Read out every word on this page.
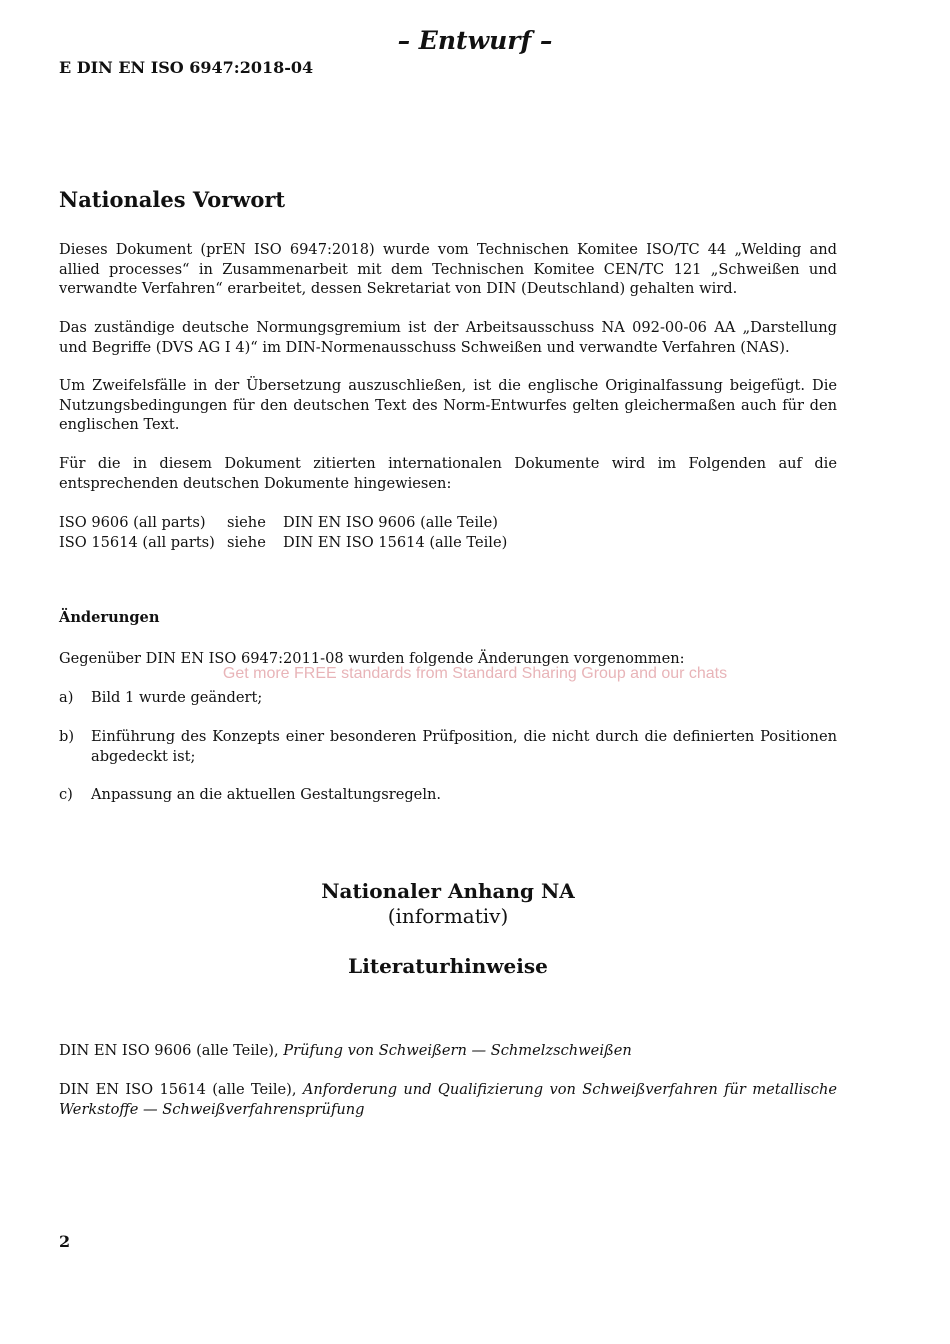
– Entwurf –
E DIN EN ISO 6947:2018-04
Nationales Vorwort

Dieses Dokument (prEN ISO 6947:2018) wurde vom Technischen Komitee ISO/TC 44 „Welding and allied processes“ in Zusammenarbeit mit dem Technischen Komitee CEN/TC 121 „Schweißen und verwandte Verfahren“ erarbeitet, dessen Sekretariat von DIN (Deutschland) gehalten wird.

Das zuständige deutsche Normungsgremium ist der Arbeitsausschuss NA 092-00-06 AA „Darstellung und Begriffe (DVS AG I 4)“ im DIN-Normenausschuss Schweißen und verwandte Verfahren (NAS).

Um Zweifelsfälle in der Übersetzung auszuschließen, ist die englische Originalfassung beigefügt. Die Nutzungsbedingungen für den deutschen Text des Norm-Entwurfes gelten gleichermaßen auch für den englischen Text.

Für die in diesem Dokument zitierten internationalen Dokumente wird im Folgenden auf die entsprechenden deutschen Dokumente hingewiesen:

ISO 9606 (all parts) siehe DIN EN ISO 9606 (alle Teile)
ISO 15614 (all parts) siehe DIN EN ISO 15614 (alle Teile)
Änderungen

Gegenüber DIN EN ISO 6947:2011-08 wurden folgende Änderungen vorgenommen:

Get more FREE standards from Standard Sharing Group and our chats
a) Bild 1 wurde geändert;
b) Einführung des Konzepts einer besonderen Prüfposition, die nicht durch die definierten Positionen abgedeckt ist;
c) Anpassung an die aktuellen Gestaltungsregeln.
Nationaler Anhang NA
(informativ)
Literaturhinweise

DIN EN ISO 9606 (alle Teile), Prüfung von Schweißern — Schmelzschweißen

DIN EN ISO 15614 (alle Teile), Anforderung und Qualifizierung von Schweißverfahren für metallische Werkstoffe — Schweißverfahrensprüfung

2
